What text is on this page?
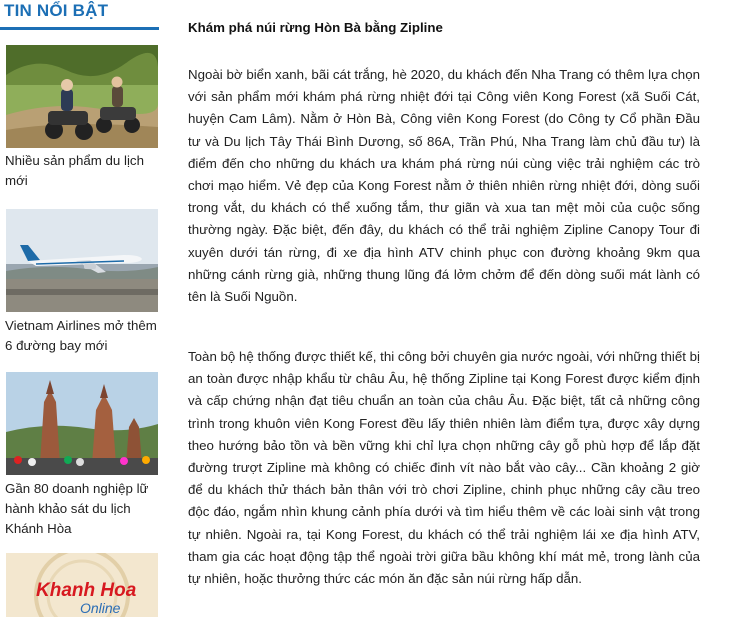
TIN NỔI BẬT
Nhiều sản phẩm du lịch mới
Vietnam Airlines mở thêm 6 đường bay mới
Gần 80 doanh nghiệp lữ hành khảo sát du lịch Khánh Hòa
Khanh Hoa
Online
Khám phá núi rừng Hòn Bà bằng Zipline

Ngoài bờ biển xanh, bãi cát trắng, hè 2020, du khách đến Nha Trang có thêm lựa chọn với sản phẩm mới khám phá rừng nhiệt đới tại Công viên Kong Forest (xã Suối Cát, huyện Cam Lâm). Nằm ở Hòn Bà, Công viên Kong Forest (do Công ty Cổ phần Đầu tư và Du lịch Tây Thái Bình Dương, số 86A, Trần Phú, Nha Trang làm chủ đầu tư) là điểm đến cho những du khách ưa khám phá rừng núi cùng việc trải nghiệm các trò chơi mạo hiểm. Vẻ đẹp của Kong Forest nằm ở thiên nhiên rừng nhiệt đới, dòng suối trong vắt, du khách có thể xuống tắm, thư giãn và xua tan mệt mỏi của cuộc sống thường ngày. Đặc biệt, đến đây, du khách có thể trải nghiệm Zipline Canopy Tour đi xuyên dưới tán rừng, đi xe địa hình ATV chinh phục con đường khoảng 9km qua những cánh rừng già, những thung lũng đá lởm chởm để đến dòng suối mát lành có tên là Suối Nguồn.

Toàn bộ hệ thống được thiết kế, thi công bởi chuyên gia nước ngoài, với những thiết bị an toàn được nhập khẩu từ châu Âu, hệ thống Zipline tại Kong Forest được kiểm định và cấp chứng nhận đạt tiêu chuẩn an toàn của châu Âu. Đặc biệt, tất cả những công trình trong khuôn viên Kong Forest đều lấy thiên nhiên làm điểm tựa, được xây dựng theo hướng bảo tồn và bền vững khi chỉ lựa chọn những cây gỗ phù hợp để lắp đặt đường trượt Zipline mà không có chiếc đinh vít nào bắt vào cây... Cần khoảng 2 giờ để du khách thử thách bản thân với trò chơi Zipline, chinh phục những cây cầu treo độc đáo, ngắm nhìn khung cảnh phía dưới và tìm hiểu thêm về các loài sinh vật trong tự nhiên. Ngoài ra, tại Kong Forest, du khách có thể trải nghiệm lái xe địa hình ATV, tham gia các hoạt động tập thể ngoài trời giữa bầu không khí mát mẻ, trong lành của tự nhiên, hoặc thưởng thức các món ăn đặc sản núi rừng hấp dẫn.
